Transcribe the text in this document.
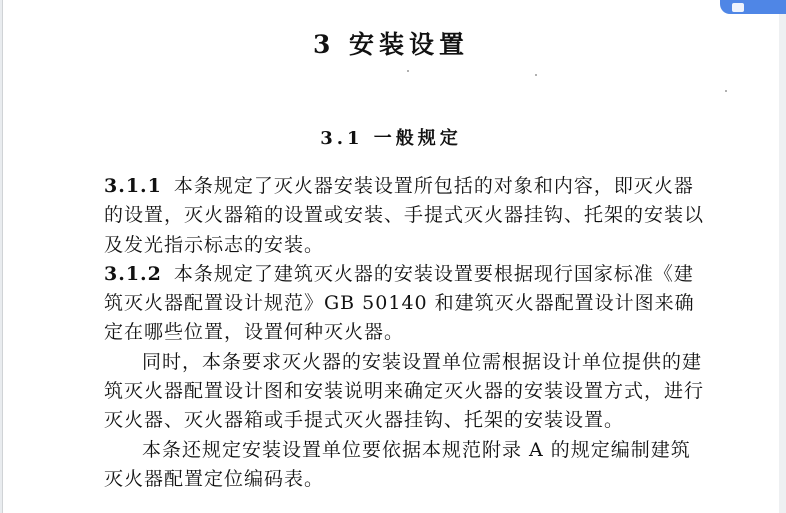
3 安装设置
3.1 一般规定

3.1.1 本条规定了灭火器安装设置所包括的对象和内容，即灭火器的设置，灭火器箱的设置或安装、手提式灭火器挂钩、托架的安装以及发光指示标志的安装。

3.1.2 本条规定了建筑灭火器的安装设置要根据现行国家标准《建筑灭火器配置设计规范》GB 50140 和建筑灭火器配置设计图来确定在哪些位置，设置何种灭火器。

同时，本条要求灭火器的安装设置单位需根据设计单位提供的建筑灭火器配置设计图和安装说明来确定灭火器的安装设置方式，进行灭火器、灭火器箱或手提式灭火器挂钩、托架的安装设置。

本条还规定安装设置单位要依据本规范附录 A 的规定编制建筑灭火器配置定位编码表。
